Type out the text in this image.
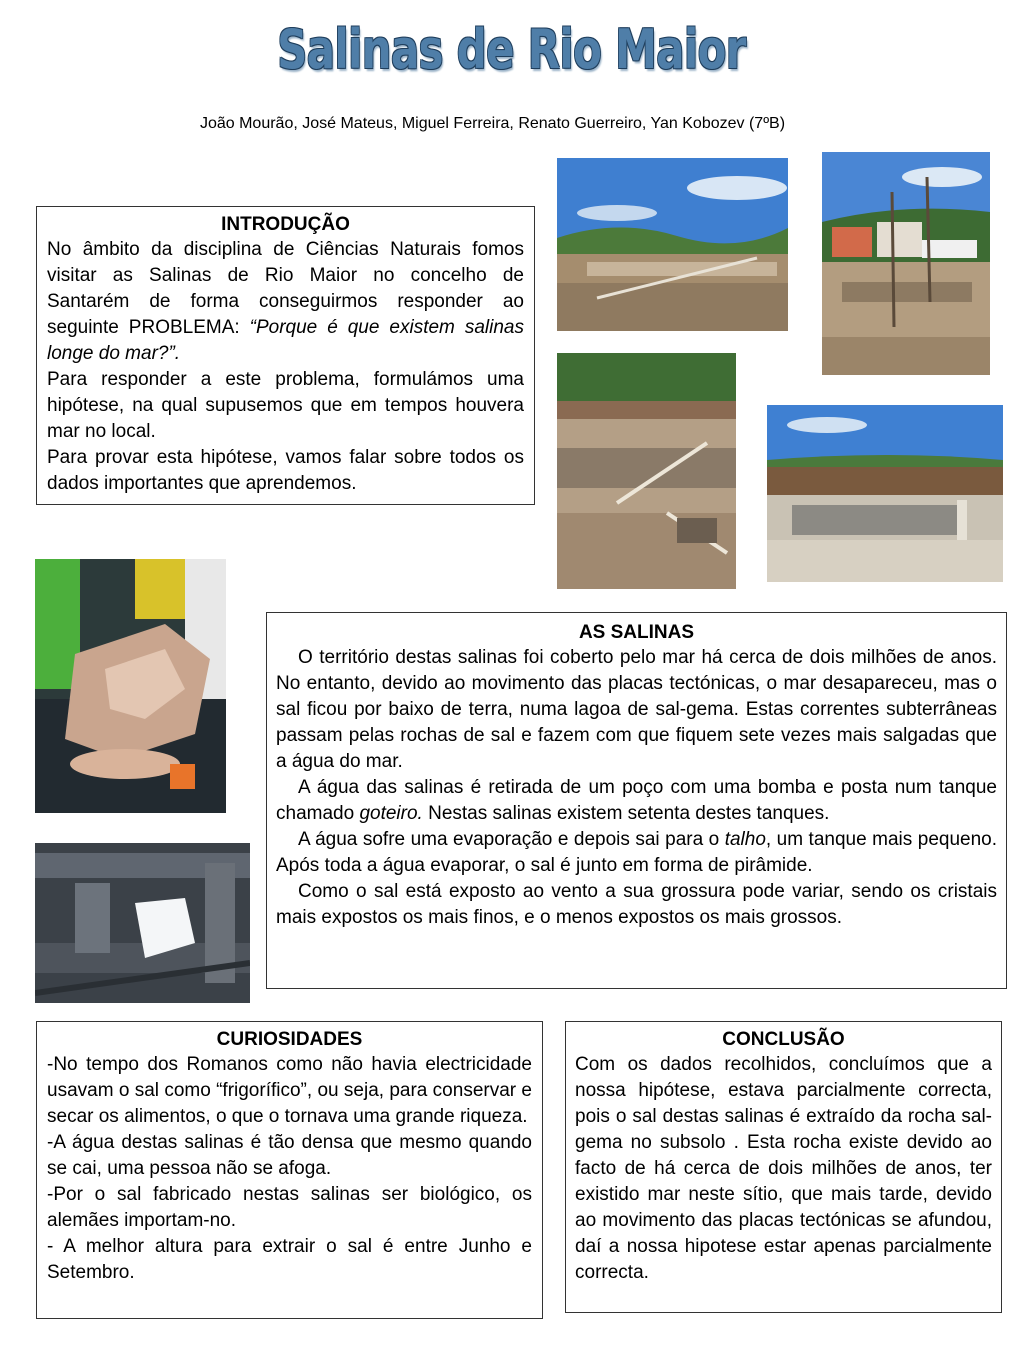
Salinas de Rio Maior
João Mourão, José Mateus, Miguel Ferreira, Renato Guerreiro, Yan Kobozev (7ºB)
INTRODUÇÃO

No âmbito da disciplina de Ciências Naturais fomos visitar as Salinas de Rio Maior no concelho de Santarém de forma conseguirmos responder ao seguinte PROBLEMA: “Porque é que existem salinas longe do mar?”.

Para responder a este problema, formulámos uma hipótese, na qual supusemos que em tempos houvera mar no local.

Para provar esta hipótese, vamos falar sobre todos os dados importantes que aprendemos.

AS SALINAS

O território destas salinas foi coberto pelo mar há cerca de dois milhões de anos. No entanto, devido ao movimento das placas tectónicas, o mar desapareceu, mas o sal ficou por baixo de terra, numa lagoa de sal-gema. Estas correntes subterrâneas passam pelas rochas de sal e fazem com que fiquem sete vezes mais salgadas que a água do mar.

A água das salinas é retirada de um poço com uma bomba e posta num tanque chamado goteiro. Nestas salinas existem setenta destes tanques.

A água sofre uma evaporação e depois sai para o talho, um tanque mais pequeno. Após toda a água evaporar, o sal é junto em forma de pirâmide.

Como o sal está exposto ao vento a sua grossura pode variar, sendo os cristais mais expostos os mais finos, e o menos expostos os mais grossos.

CURIOSIDADES

-No tempo dos Romanos como não havia electricidade usavam o sal como “frigorífico”, ou seja, para conservar e secar os alimentos, o que o tornava uma grande riqueza.

-A água destas salinas é tão densa que mesmo quando se cai, uma pessoa não se afoga.

-Por o sal fabricado nestas salinas ser biológico, os alemães importam-no.

- A melhor altura para extrair o sal é entre Junho e Setembro.

CONCLUSÃO

Com os dados recolhidos, concluímos que a nossa hipótese, estava parcialmente correcta, pois o sal destas salinas é extraído da rocha sal-gema no subsolo . Esta rocha existe devido ao facto de há cerca de dois milhões de anos, ter existido mar neste sítio, que mais tarde, devido ao movimento das placas tectónicas se afundou, daí a nossa hipotese estar apenas parcialmente correcta.
